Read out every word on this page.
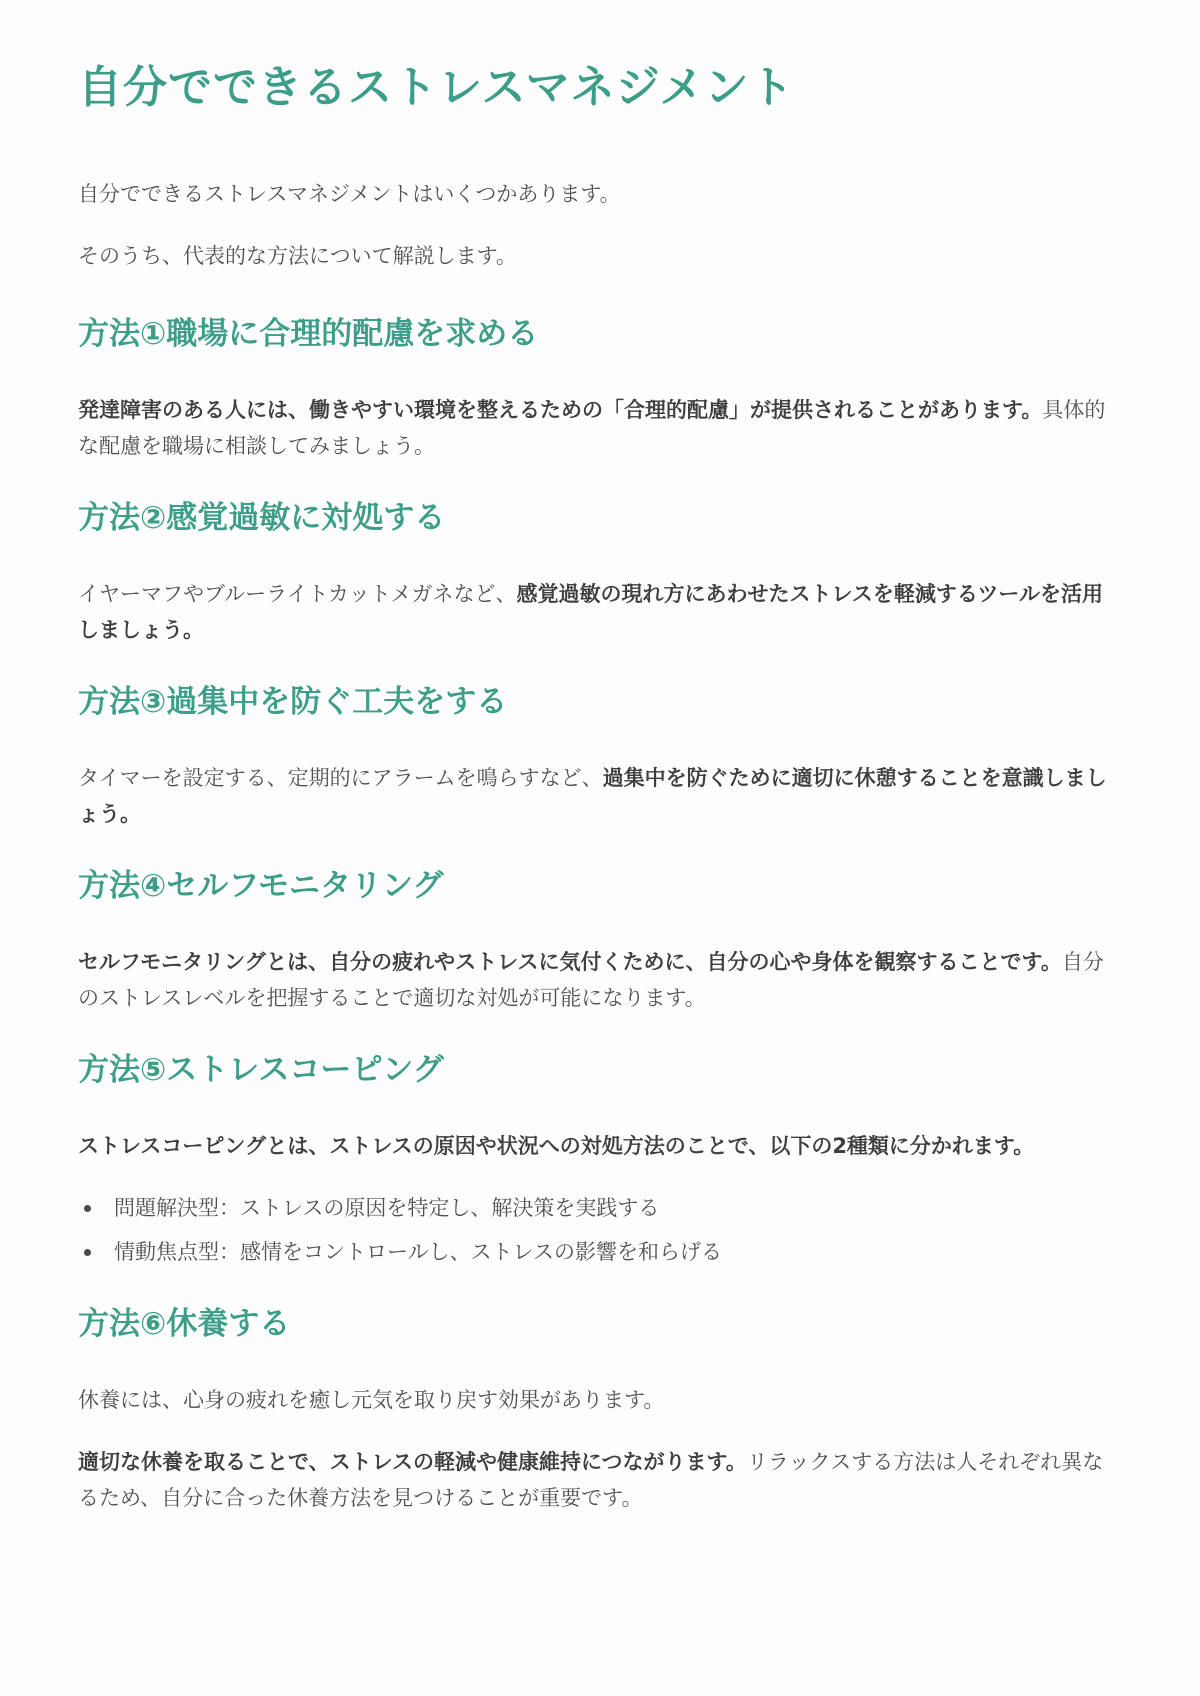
自分でできるストレスマネジメント

自分でできるストレスマネジメントはいくつかあります。

そのうち、代表的な方法について解説します。

方法①職場に合理的配慮を求める

発達障害のある人には、働きやすい環境を整えるための「合理的配慮」が提供されることがあります。具体的な配慮を職場に相談してみましょう。

方法②感覚過敏に対処する

イヤーマフやブルーライトカットメガネなど、感覚過敏の現れ方にあわせたストレスを軽減するツールを活用しましょう。

方法③過集中を防ぐ工夫をする

タイマーを設定する、定期的にアラームを鳴らすなど、過集中を防ぐために適切に休憩することを意識しましょう。

方法④セルフモニタリング

セルフモニタリングとは、自分の疲れやストレスに気付くために、自分の心や身体を観察することです。自分のストレスレベルを把握することで適切な対処が可能になります。

方法⑤ストレスコーピング

ストレスコーピングとは、ストレスの原因や状況への対処方法のことで、以下の2種類に分かれます。

問題解決型：ストレスの原因を特定し、解決策を実践する
情動焦点型：感情をコントロールし、ストレスの影響を和らげる
方法⑥休養する

休養には、心身の疲れを癒し元気を取り戻す効果があります。

適切な休養を取ることで、ストレスの軽減や健康維持につながります。リラックスする方法は人それぞれ異なるため、自分に合った休養方法を見つけることが重要です。
